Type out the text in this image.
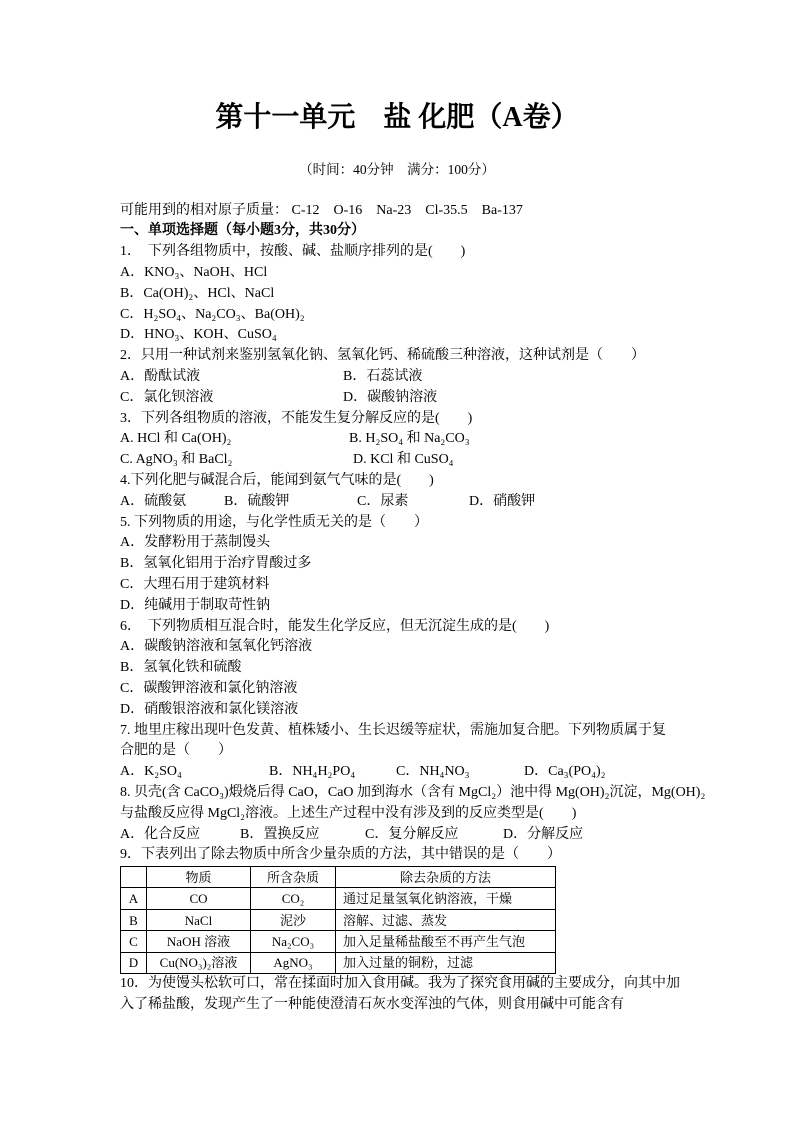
第十一单元　盐 化肥（A卷）
（时间：40分钟　满分：100分）
可能用到的相对原子质量： C-12　O-16　Na-23　Cl-35.5　Ba-137
一、单项选择题（每小题3分，共30分）
1．　下列各组物质中，按酸、碱、盐顺序排列的是(　　)
A．KNO₃、NaOH、HCl
B．Ca(OH)₂、HCl、NaCl
C．H₂SO₄、Na₂CO₃、Ba(OH)₂
D．HNO₃、KOH、CuSO₄
2．只用一种试剂来鉴别氢氧化钠、氢氧化钙、稀硫酸三种溶液，这种试剂是（　　）
A．酚酞试液	B．石蕊试液
C．氯化钡溶液	D．碳酸钠溶液
3．下列各组物质的溶液，不能发生复分解反应的是(　　)
A. HCl 和 Ca(OH)₂	B. H₂SO₄ 和 Na₂CO₃
C. AgNO₃ 和 BaCl₂	D. KCl 和 CuSO₄
4.下列化肥与碱混合后，能闻到氨气气味的是(　　)
A．硫酸氨	B．硫酸钾	C．尿素	D．硝酸钾
5. 下列物质的用途，与化学性质无关的是（　　）
A．发酵粉用于蒸制馒头
B．氢氧化铝用于治疗胃酸过多
C．大理石用于建筑材料
D．纯碱用于制取苛性钠
6．　下列物质相互混合时，能发生化学反应，但无沉淀生成的是(　　)
A．碳酸钠溶液和氢氧化钙溶液
B．氢氧化铁和硫酸
C．碳酸钾溶液和氯化钠溶液
D．硝酸银溶液和氯化镁溶液
7. 地里庄稼出现叶色发黄、植株矮小、生长迟缓等症状，需施加复合肥。下列物质属于复
合肥的是（　　）
A．K₂SO₄	B．NH₄H₂PO₄	C．NH₄NO₃	D．Ca₃(PO₄)₂
8. 贝壳(含 CaCO₃)煅烧后得 CaO，CaO 加到海水（含有 MgCl₂）池中得 Mg(OH)₂沉淀，Mg(OH)₂
与盐酸反应得 MgCl₂溶液。上述生产过程中没有涉及到的反应类型是(　　)
A．化合反应	B．置换反应	C．复分解反应	D．分解反应
9．下表列出了除去物质中所含少量杂质的方法，其中错误的是（　　）
	物质	所含杂质	除去杂质的方法
A	CO	CO₂	通过足量氢氧化钠溶液，干燥
B	NaCl	泥沙	溶解、过滤、蒸发
C	NaOH 溶液	Na₂CO₃	加入足量稀盐酸至不再产生气泡
D	Cu(NO₃)₂溶液	AgNO₃	加入过量的铜粉，过滤
10．为使馒头松软可口，常在揉面时加入食用碱。我为了探究食用碱的主要成分，向其中加
入了稀盐酸，发现产生了一种能使澄清石灰水变浑浊的气体，则食用碱中可能含有
